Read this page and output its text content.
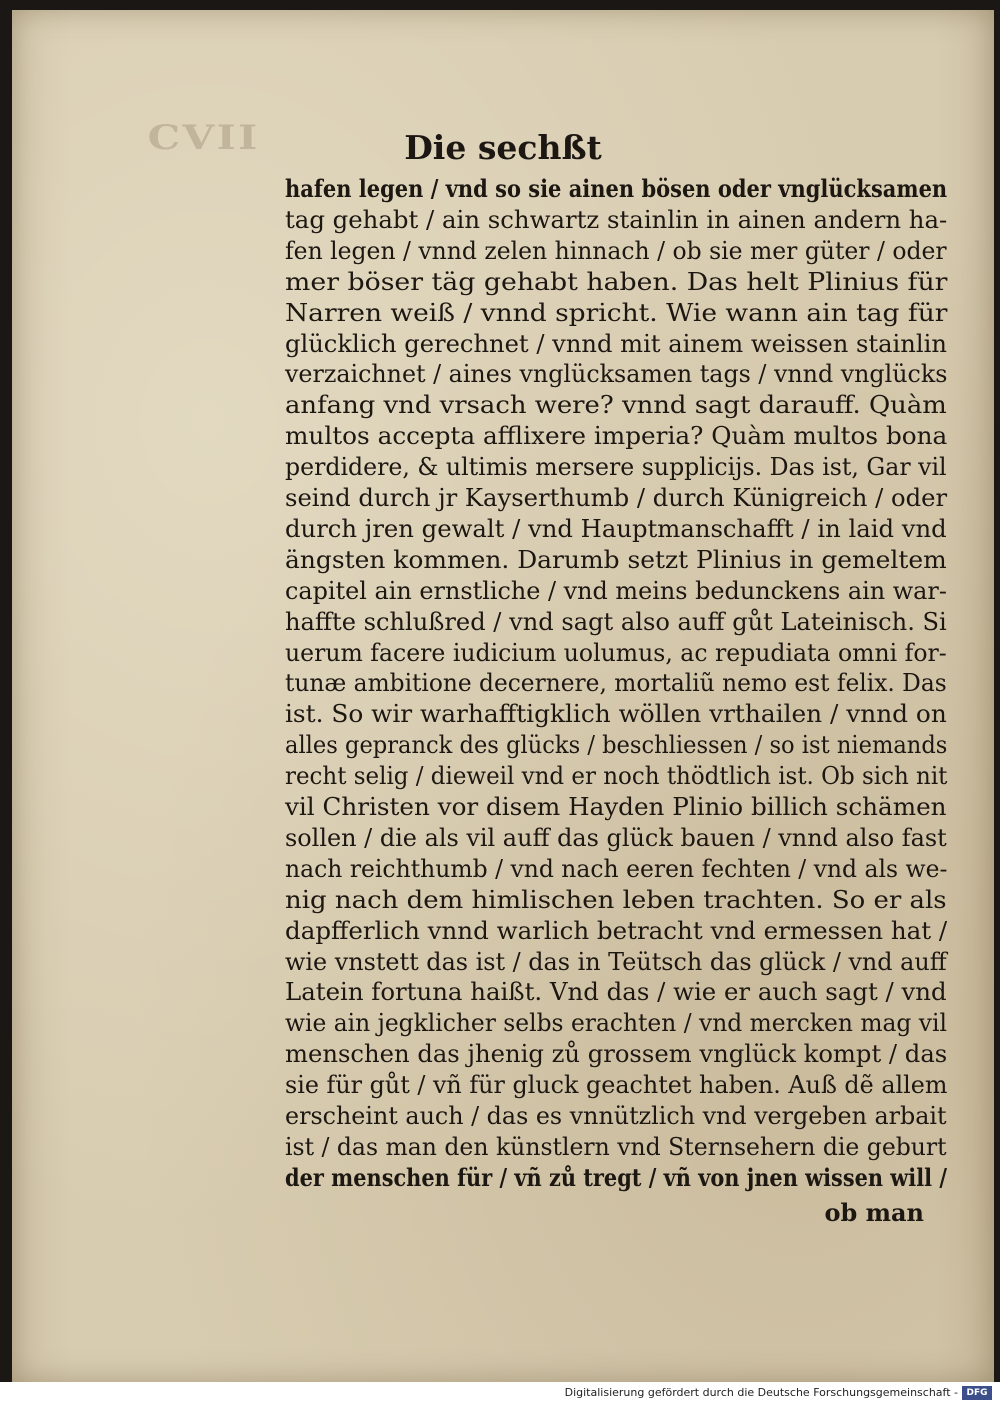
CVII	Die sechßt
hafen legen / vnd so sie ainen bösen oder vnglücksamen
tag gehabt / ain schwartz stainlin in ainen andern ha-
fen legen / vnnd zelen hinnach / ob sie mer güter / oder
mer böser täg gehabt haben. Das helt Plinius für
Narren weiß / vnnd spricht. Wie wann ain tag für
glücklich gerechnet / vnnd mit ainem weissen stainlin
verzaichnet / aines vnglücksamen tags / vnnd vnglücks
anfang vnd vrsach were? vnnd sagt darauff. Quàm
multos accepta afflixere imperia? Quàm multos bona
perdidere, & ultimis mersere supplicijs. Das ist, Gar vil
seind durch jr Kayserthumb / durch Künigreich / oder
durch jren gewalt / vnd Hauptmanschafft / in laid vnd
ängsten kommen. Darumb setzt Plinius in gemeltem
capitel ain ernstliche / vnd meins bedunckens ain war-
haffte schlußred / vnd sagt also auff gůt Lateinisch. Si
uerum facere iudicium uolumus, ac repudiata omni for-
tunæ ambitione decernere, mortaliũ nemo est felix. Das
ist. So wir warhafftigklich wöllen vrthailen / vnnd on
alles gepranck des glücks / beschliessen / so ist niemands
recht selig / dieweil vnd er noch thödtlich ist. Ob sich nit
vil Christen vor disem Hayden Plinio billich schämen
sollen / die als vil auff das glück bauen / vnnd also fast
nach reichthumb / vnd nach eeren fechten / vnd als we-
nig nach dem himlischen leben trachten. So er als
dapfferlich vnnd warlich betracht vnd ermessen hat /
wie vnstett das ist / das in Teütsch das glück / vnd auff
Latein fortuna haißt. Vnd das / wie er auch sagt / vnd
wie ain jegklicher selbs erachten / vnd mercken mag vil
menschen das jhenig zů grossem vnglück kompt / das
sie für gůt / vñ für gluck geachtet haben. Auß dẽ allem
erscheint auch / das es vnnützlich vnd vergeben arbait
ist / das man den künstlern vnd Sternsehern die geburt
der menschen für / vñ zů tregt / vñ von jnen wissen will /
ob man
Digitalisierung gefördert durch die Deutsche Forschungsgemeinschaft - DFG
